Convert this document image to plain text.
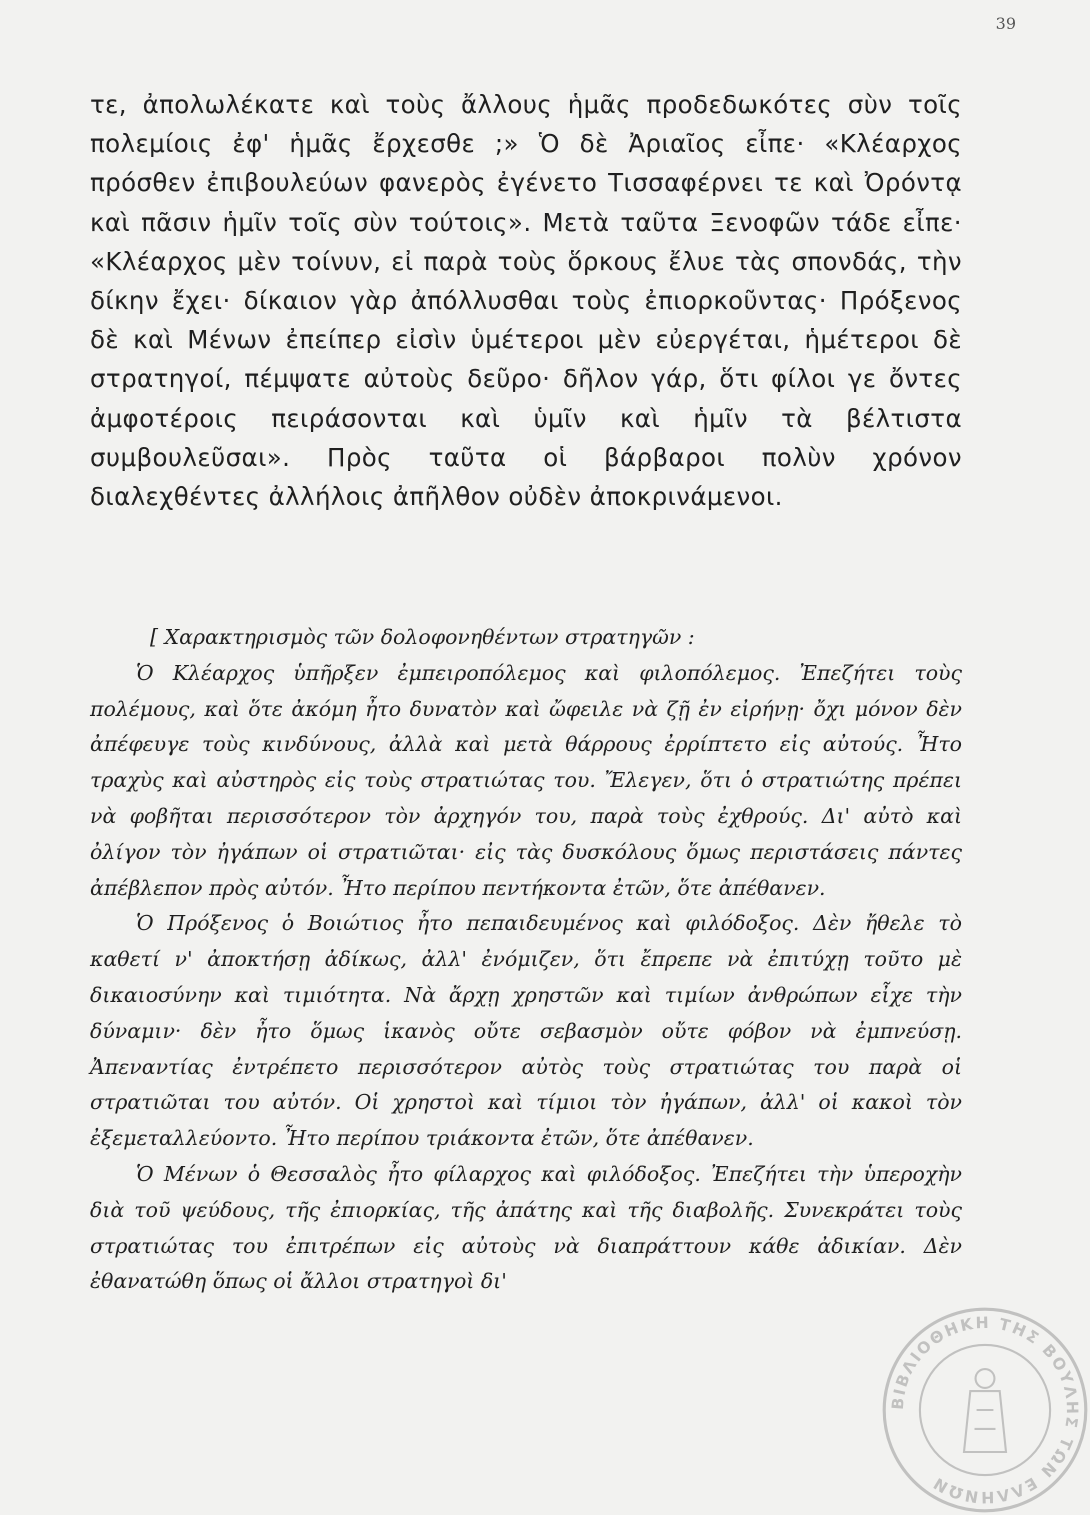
39

τε, ἀπολωλέκατε καὶ τοὺς ἄλλους ἡμᾶς προδεδωκότες σὺν τοῖς πολεμίοις ἐφ' ἡμᾶς ἔρχεσθε ;» Ὁ δὲ Ἀριαῖος εἶπε· «Κλέαρχος πρόσθεν ἐπιβουλεύων φανερὸς ἐγένετο Τισσαφέρνει τε καὶ Ὀρόντᾳ καὶ πᾶσιν ἡμῖν τοῖς σὺν τούτοις». Μετὰ ταῦτα Ξενοφῶν τάδε εἶπε· «Κλέαρχος μὲν τοίνυν, εἰ παρὰ τοὺς ὅρκους ἔλυε τὰς σπονδάς, τὴν δίκην ἔχει· δίκαιον γὰρ ἀπόλλυσθαι τοὺς ἐπιορκοῦντας· Πρόξενος δὲ καὶ Μένων ἐπείπερ εἰσὶν ὑμέτεροι μὲν εὐεργέται, ἡμέτεροι δὲ στρατηγοί, πέμψατε αὐτοὺς δεῦρο· δῆλον γάρ, ὅτι φίλοι γε ὄντες ἀμφοτέροις πειράσονται καὶ ὑμῖν καὶ ἡμῖν τὰ βέλτιστα συμβουλεῦσαι». Πρὸς ταῦτα οἱ βάρβαροι πολὺν χρόνον διαλεχθέντες ἀλλήλοις ἀπῆλθον οὐδὲν ἀποκρινάμενοι.

[ Χαρακτηρισμὸς τῶν δολοφονηθέντων στρατηγῶν :

Ὁ Κλέαρχος ὑπῆρξεν ἐμπειροπόλεμος καὶ φιλοπόλεμος. Ἐπεζήτει τοὺς πολέμους, καὶ ὅτε ἀκόμη ἦτο δυνατὸν καὶ ὤφειλε νὰ ζῇ ἐν εἰρήνῃ· ὄχι μόνον δὲν ἀπέφευγε τοὺς κινδύνους, ἀλλὰ καὶ μετὰ θάρρους ἐρρίπτετο εἰς αὐτούς. Ἦτο τραχὺς καὶ αὐστηρὸς εἰς τοὺς στρατιώτας του. Ἔλεγεν, ὅτι ὁ στρατιώτης πρέπει νὰ φοβῆται περισσότερον τὸν ἀρχηγόν του, παρὰ τοὺς ἐχθρούς. Δι' αὐτὸ καὶ ὀλίγον τὸν ἠγάπων οἱ στρατιῶται· εἰς τὰς δυσκόλους ὅμως περιστάσεις πάντες ἀπέβλεπον πρὸς αὐτόν. Ἦτο περίπου πεντήκοντα ἐτῶν, ὅτε ἀπέθανεν.

Ὁ Πρόξενος ὁ Βοιώτιος ἦτο πεπαιδευμένος καὶ φιλόδοξος. Δὲν ἤθελε τὸ καθετί ν' ἀποκτήσῃ ἀδίκως, ἀλλ' ἐνόμιζεν, ὅτι ἔπρεπε νὰ ἐπιτύχῃ τοῦτο μὲ δικαιοσύνην καὶ τιμιότητα. Νὰ ἄρχῃ χρηστῶν καὶ τιμίων ἀνθρώπων εἶχε τὴν δύναμιν· δὲν ἦτο ὅμως ἱκανὸς οὔτε σεβασμὸν οὔτε φόβον νὰ ἐμπνεύσῃ. Ἀπεναντίας ἐντρέπετο περισσότερον αὐτὸς τοὺς στρατιώτας του παρὰ οἱ στρατιῶται του αὐτόν. Οἱ χρηστοὶ καὶ τίμιοι τὸν ἠγάπων, ἀλλ' οἱ κακοὶ τὸν ἐξεμεταλλεύοντο. Ἦτο περίπου τριάκοντα ἐτῶν, ὅτε ἀπέθανεν.

Ὁ Μένων ὁ Θεσσαλὸς ἦτο φίλαρχος καὶ φιλόδοξος. Ἐπεζήτει τὴν ὑπεροχὴν διὰ τοῦ ψεύδους, τῆς ἐπιορκίας, τῆς ἀπάτης καὶ τῆς διαβολῆς. Συνεκράτει τοὺς στρατιώτας του ἐπιτρέπων εἰς αὐτοὺς νὰ διαπράττουν κάθε ἀδικίαν. Δὲν ἐθανατώθη ὅπως οἱ ἄλλοι στρατηγοὶ δι'

ΒΙΒΛΙΟΘΗΚΗ ΤΗΣ ΒΟΥΛΗΣ ΤΩΝ ΕΛΛΗΝΩΝ
